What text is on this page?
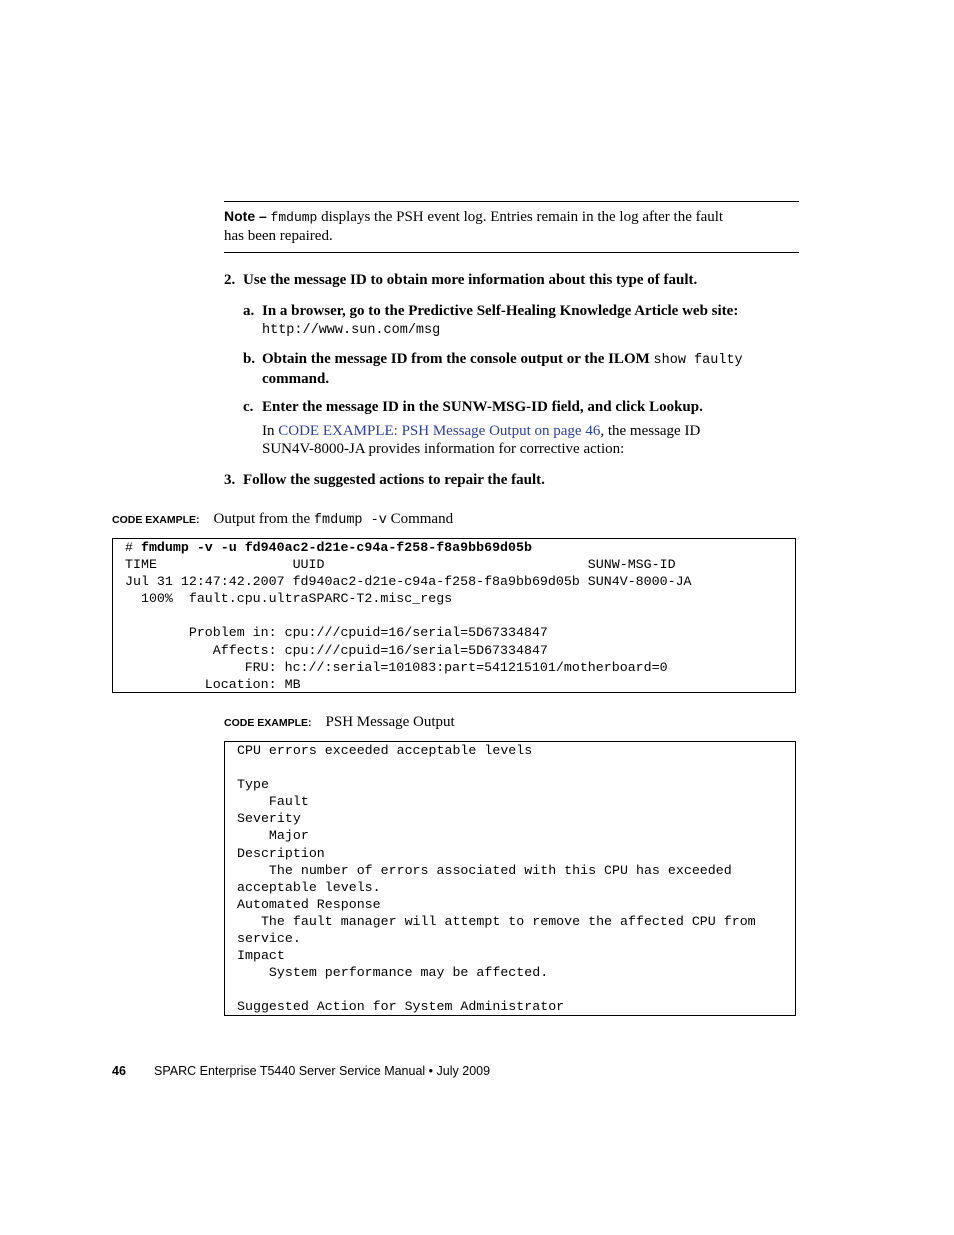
Note – fmdump displays the PSH event log. Entries remain in the log after the fault
has been repaired.
2. Use the message ID to obtain more information about this type of fault.
a. In a browser, go to the Predictive Self-Healing Knowledge Article web site:
http://www.sun.com/msg
b. Obtain the message ID from the console output or the ILOM show faulty
command.
c. Enter the message ID in the SUNW-MSG-ID field, and click Lookup.
In CODE EXAMPLE: PSH Message Output on page 46, the message ID
SUN4V-8000-JA provides information for corrective action:
3. Follow the suggested actions to repair the fault.
CODE EXAMPLE: Output from the fmdump -v Command
# fmdump -v -u fd940ac2-d21e-c94a-f258-f8a9bb69d05b
TIME                 UUID                                 SUNW-MSG-ID
Jul 31 12:47:42.2007 fd940ac2-d21e-c94a-f258-f8a9bb69d05b SUN4V-8000-JA
100%  fault.cpu.ultraSPARC-T2.misc_regs
Problem in: cpu:///cpuid=16/serial=5D67334847
Affects: cpu:///cpuid=16/serial=5D67334847
FRU: hc://:serial=101083:part=541215101/motherboard=0
Location: MB
CODE EXAMPLE: PSH Message Output
CPU errors exceeded acceptable levels
Type
Fault
Severity
Major
Description
The number of errors associated with this CPU has exceeded
acceptable levels.
Automated Response
The fault manager will attempt to remove the affected CPU from
service.
Impact
System performance may be affected.
Suggested Action for System Administrator
46 SPARC Enterprise T5440 Server Service Manual • July 2009
